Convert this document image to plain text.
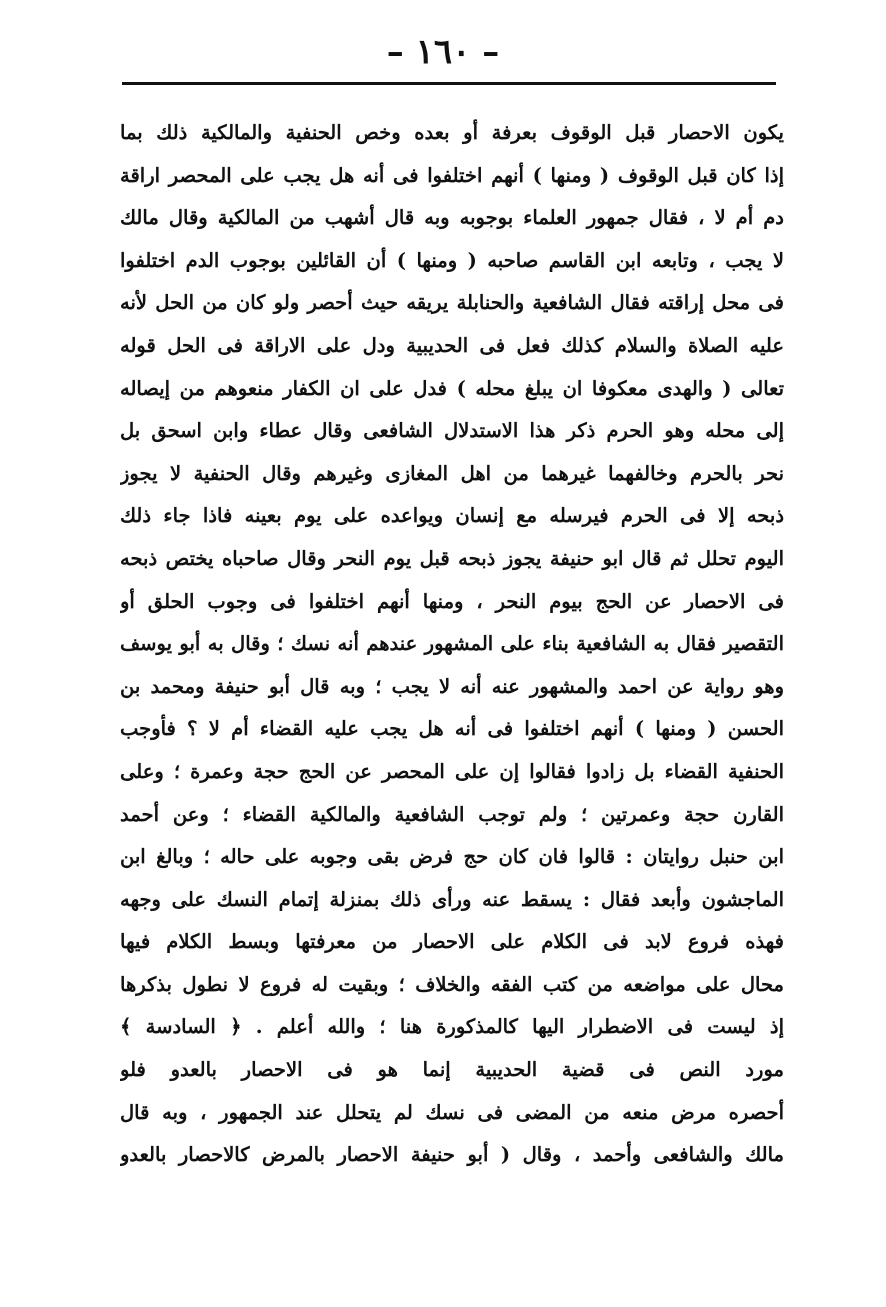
– ١٦٠ –
يكون الاحصار قبل الوقوف بعرفة أو بعده وخص الحنفية والمالكية ذلك بما
إذا كان قبل الوقوف ( ومنها ) أنهم اختلفوا فى أنه هل يجب على المحصر اراقة
دم أم لا ، فقال جمهور العلماء بوجوبه وبه قال أشهب من المالكية وقال مالك
لا يجب ، وتابعه ابن القاسم صاحبه ( ومنها ) أن القائلين بوجوب الدم اختلفوا
فى محل إراقته فقال الشافعية والحنابلة يريقه حيث أحصر ولو كان من الحل لأنه
عليه الصلاة والسلام كذلك فعل فى الحديبية ودل على الاراقة فى الحل قوله
تعالى ( والهدى معكوفا ان يبلغ محله ) فدل على ان الكفار منعوهم من إيصاله
إلى محله وهو الحرم ذكر هذا الاستدلال الشافعى وقال عطاء وابن اسحق بل
نحر بالحرم وخالفهما غيرهما من اهل المغازى وغيرهم وقال الحنفية لا يجوز
ذبحه إلا فى الحرم فيرسله مع إنسان ويواعده على يوم بعينه فاذا جاء ذلك
اليوم تحلل ثم قال ابو حنيفة يجوز ذبحه قبل يوم النحر وقال صاحباه يختص ذبحه
فى الاحصار عن الحج بيوم النحر ، ومنها أنهم اختلفوا فى وجوب الحلق أو
التقصير فقال به الشافعية بناء على المشهور عندهم أنه نسك ؛ وقال به أبو يوسف
وهو رواية عن احمد والمشهور عنه أنه لا يجب ؛ وبه قال أبو حنيفة ومحمد بن
الحسن ( ومنها ) أنهم اختلفوا فى أنه هل يجب عليه القضاء أم لا ؟ فأوجب
الحنفية القضاء بل زادوا فقالوا إن على المحصر عن الحج حجة وعمرة ؛ وعلى
القارن حجة وعمرتين ؛ ولم توجب الشافعية والمالكية القضاء ؛ وعن أحمد
ابن حنبل روايتان : قالوا فان كان حج فرض بقى وجوبه على حاله ؛ وبالغ ابن
الماجشون وأبعد فقال : يسقط عنه ورأى ذلك بمنزلة إتمام النسك على وجهه
فهذه فروع لابد فى الكلام على الاحصار من معرفتها وبسط الكلام فيها
محال على مواضعه من كتب الفقه والخلاف ؛ وبقيت له فروع لا نطول بذكرها
إذ ليست فى الاضطرار اليها كالمذكورة هنا ؛ والله أعلم . ﴿ السادسة ﴾
مورد النص فى قضية الحديبية إنما هو فى الاحصار بالعدو فلو
أحصره مرض منعه من المضى فى نسك لم يتحلل عند الجمهور ، وبه قال
مالك والشافعى وأحمد ، وقال ( أبو حنيفة الاحصار بالمرض كالاحصار بالعدو
